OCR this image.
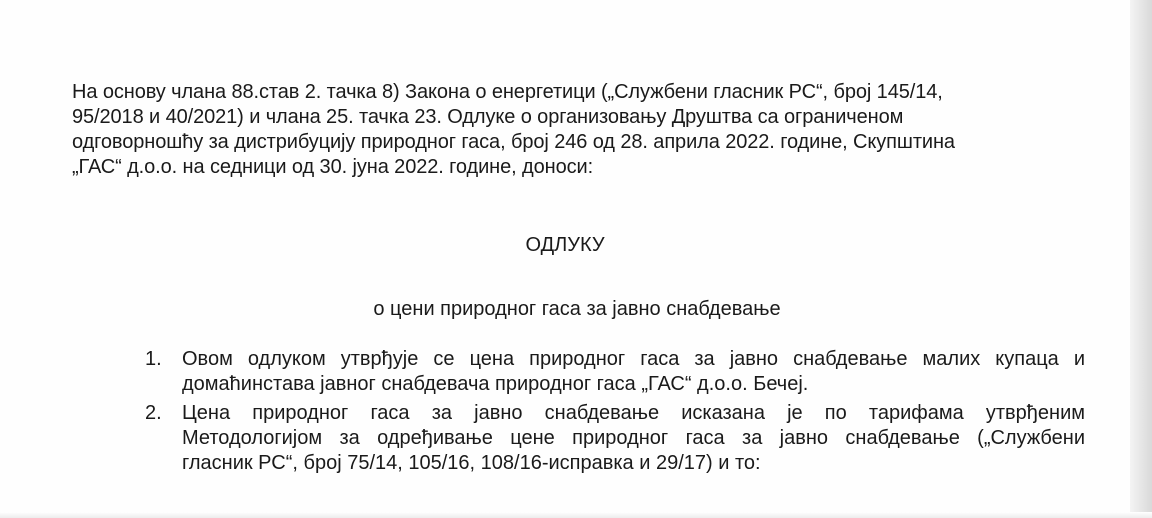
На основу члана 88.став 2. тачка 8) Закона о енергетици („Службени гласник РС“, број 145/14,
95/2018 и 40/2021) и члана 25. тачка 23. Одлуке о организовању Друштва са ограниченом
одговорношћу за дистрибуцију природног гаса, број 246 од 28. априла 2022. године, Скупштина
„ГАС“ д.о.о. на седници од 30. јуна 2022. године, доноси:
ОДЛУКУ
о цени природног гаса за јавно снабдевање
1. Овом одлуком утврђује се цена природног гаса за јавно снабдевање малих купаца и
домаћинстава јавног снабдевача природног гаса „ГАС“ д.о.о. Бечеј.
2. Цена природног гаса за јавно снабдевање исказана је по тарифама утврђеним
Методологијом за одређивање цене природног гаса за јавно снабдевање („Службени
гласник РС“, број 75/14, 105/16, 108/16-исправка и 29/17) и то:
